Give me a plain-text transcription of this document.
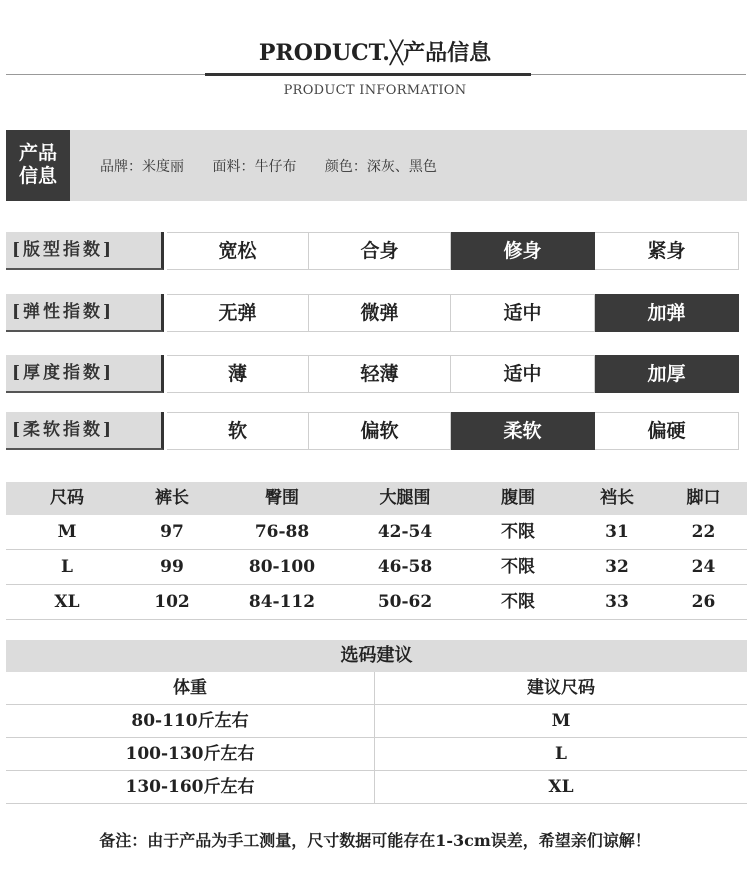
PRODUCT.╳产品信息
PRODUCT INFORMATION
产品
信息	品牌：米度丽 面料：牛仔布 颜色：深灰、黑色
[版型指数]	宽松	合身	修身	紧身
[弹性指数]	无弹	微弹	适中	加弹
[厚度指数]	薄	轻薄	适中	加厚
[柔软指数]	软	偏软	柔软	偏硬
尺码	裤长	臀围	大腿围	腹围	裆长	脚口
M	97	76-88	42-54	不限	31	22
L	99	80-100	46-58	不限	32	24
XL	102	84-112	50-62	不限	33	26
选码建议
体重	建议尺码
80-110斤左右	M
100-130斤左右	L
130-160斤左右	XL
备注：由于产品为手工测量，尺寸数据可能存在1-3cm误差，希望亲们谅解！
